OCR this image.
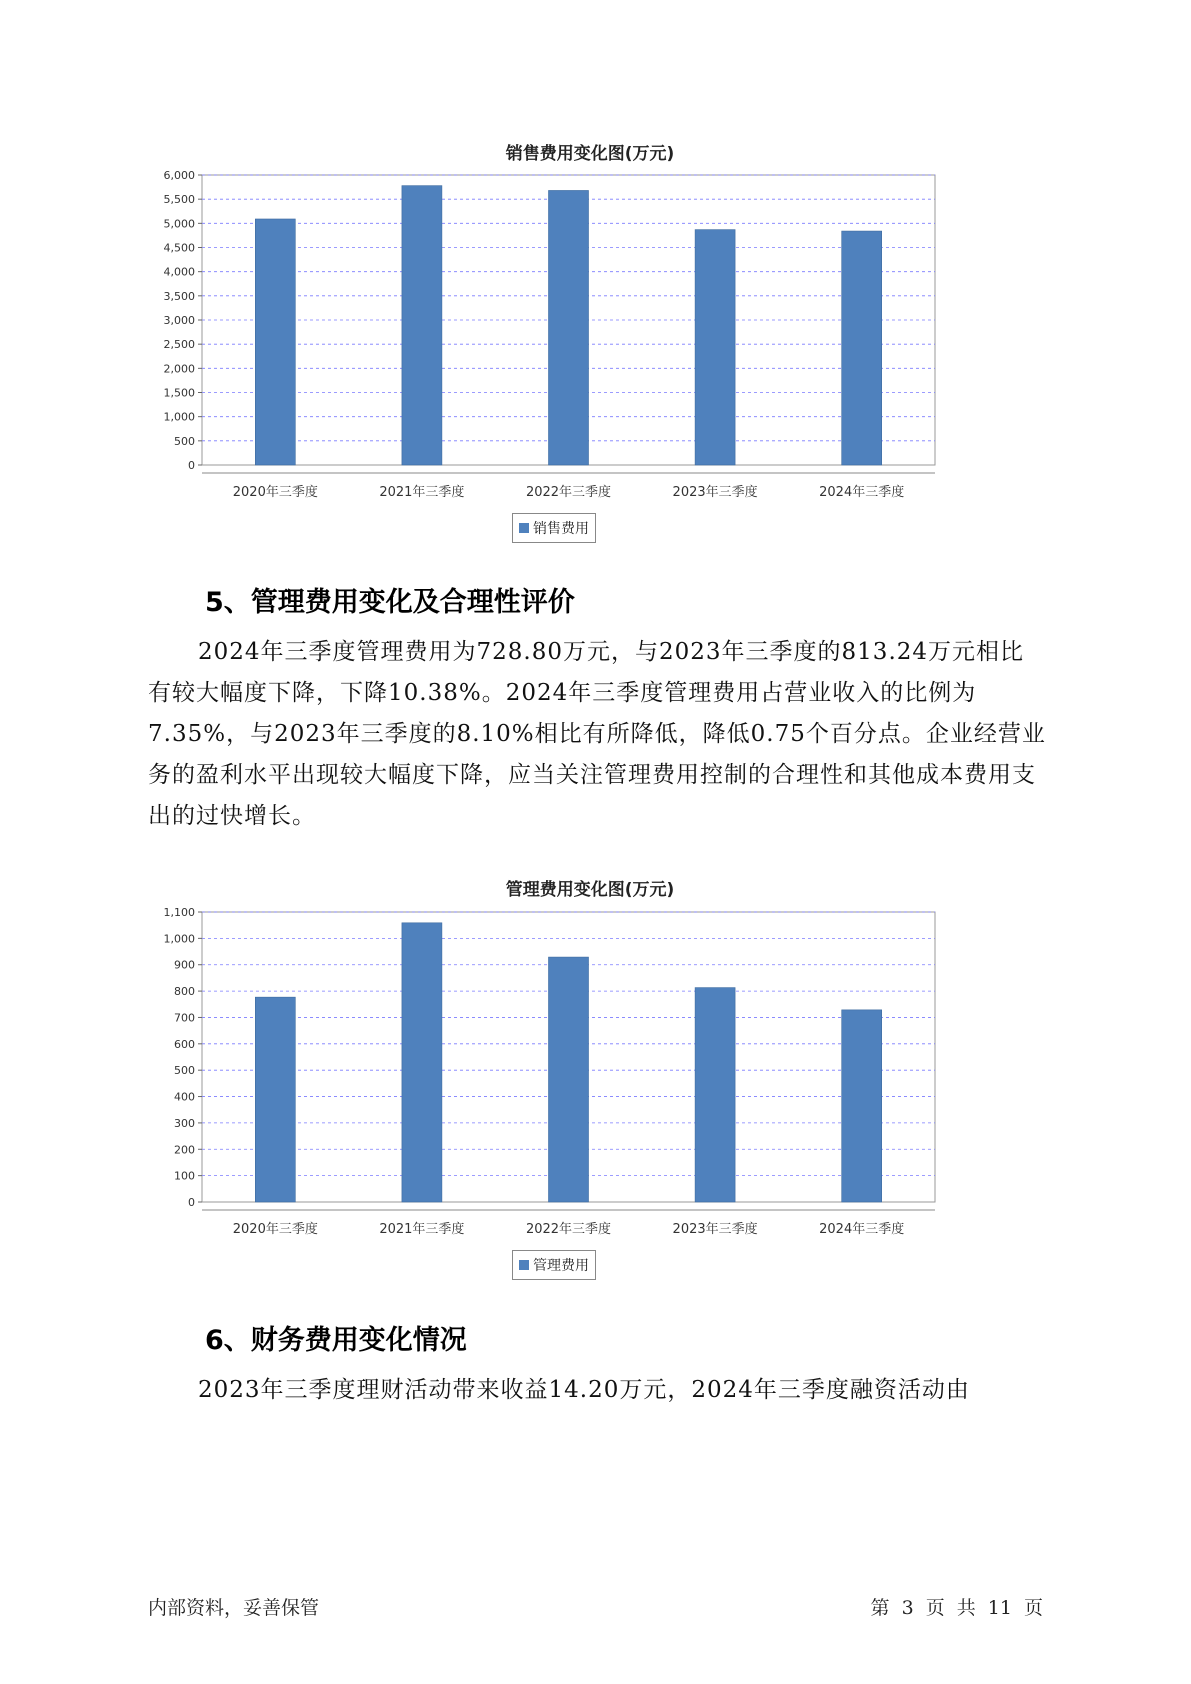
销售费用变化图(万元)
0
500
1,000
1,500
2,000
2,500
3,000
3,500
4,000
4,500
5,000
5,500
6,000
2020年三季度	2021年三季度	2022年三季度	2023年三季度	2024年三季度
销售费用
5、管理费用变化及合理性评价

2024年三季度管理费用为728.80万元，与2023年三季度的813.24万元相比有较大幅度下降，下降10.38%。2024年三季度管理费用占营业收入的比例为7.35%，与2023年三季度的8.10%相比有所降低，降低0.75个百分点。企业经营业务的盈利水平出现较大幅度下降，应当关注管理费用控制的合理性和其他成本费用支出的过快增长。

管理费用变化图(万元)
0
100
200
300
400
500
600
700
800
900
1,000
1,100
2020年三季度	2021年三季度	2022年三季度	2023年三季度	2024年三季度
管理费用
6、财务费用变化情况

2023年三季度理财活动带来收益14.20万元，2024年三季度融资活动由

内部资料，妥善保管	第 3 页 共 11 页
